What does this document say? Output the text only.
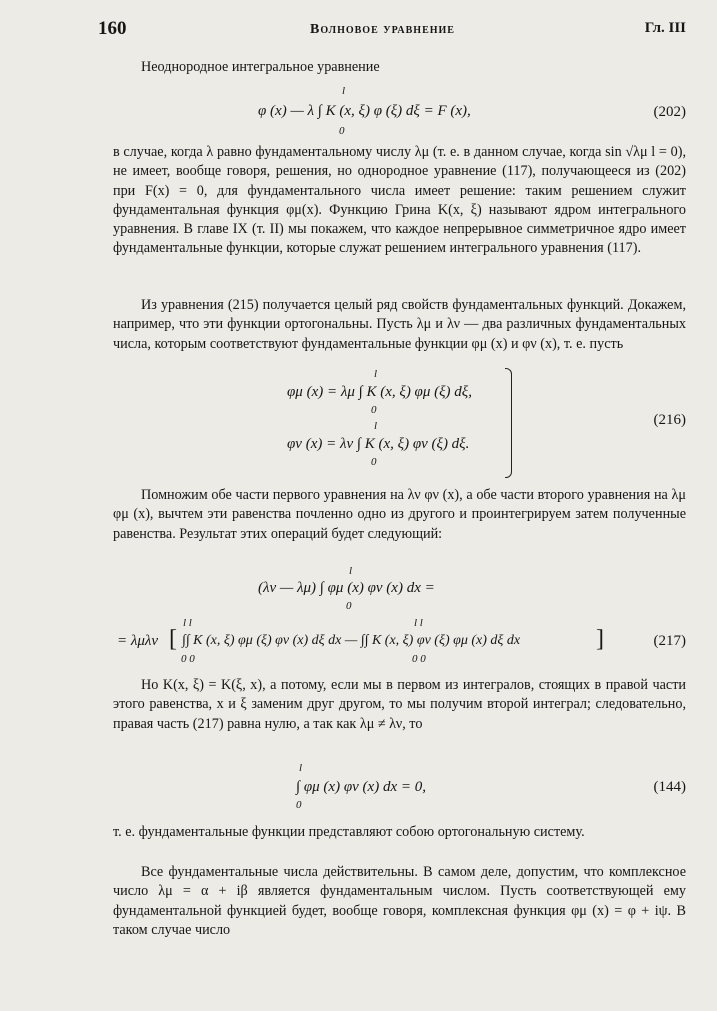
160	Волновое уравнение	Гл. III
Неоднородное интегральное уравнение
l
φ (x) — λ ∫ K (x, ξ) φ (ξ) dξ = F (x),
0
(202)
в случае, когда λ равно фундаментальному числу λμ (т. е. в данном случае, когда sin √λμ l = 0), не имеет, вообще говоря, решения, но однородное уравнение (117), получающееся из (202) при F(x) = 0, для фундаментального числа имеет решение: таким решением служит фундаментальная функция φμ(x). Функцию Грина K(x, ξ) называют ядром интегрального уравнения. В главе IX (т. II) мы покажем, что каждое непрерывное симметричное ядро имеет фундаментальные функции, которые служат решением интегрального уравнения (117).
Из уравнения (215) получается целый ряд свойств фундаментальных функций. Докажем, например, что эти функции ортогональны. Пусть λμ и λν — два различных фундаментальных числа, которым соответствуют фундаментальные функции φμ (x) и φν (x), т. е. пусть
l
φμ (x) = λμ ∫ K (x, ξ) φμ (ξ) dξ,
0
l
φν (x) = λν ∫ K (x, ξ) φν (ξ) dξ.
0
(216)
Помножим обе части первого уравнения на λν φν (x), а обе части второго уравнения на λμ φμ (x), вычтем эти равенства почленно одно из другого и проинтегрируем затем полученные равенства. Результат этих операций будет следующий:
l
(λν — λμ) ∫ φμ (x) φν (x) dx =
0
l l	l l
= λμλν [ ∫∫ K (x, ξ) φμ (ξ) φν (x) dξ dx — ∫∫ K (x, ξ) φν (ξ) φμ (x) dξ dx	]
0 0	0 0
(217)
Но K(x, ξ) = K(ξ, x), а потому, если мы в первом из интегралов, стоящих в правой части этого равенства, x и ξ заменим друг другом, то мы получим второй интеграл; следовательно, правая часть (217) равна нулю, а так как λμ ≠ λν, то
l
∫ φμ (x) φν (x) dx = 0,
0
(144)
т. е. фундаментальные функции представляют собою ортогональную систему.
Все фундаментальные числа действительны. В самом деле, допустим, что комплексное число λμ = α + iβ является фундаментальным числом. Пусть соответствующей ему фундаментальной функцией будет, вообще говоря, комплексная функция φμ (x) = φ + iψ. В таком случае число
